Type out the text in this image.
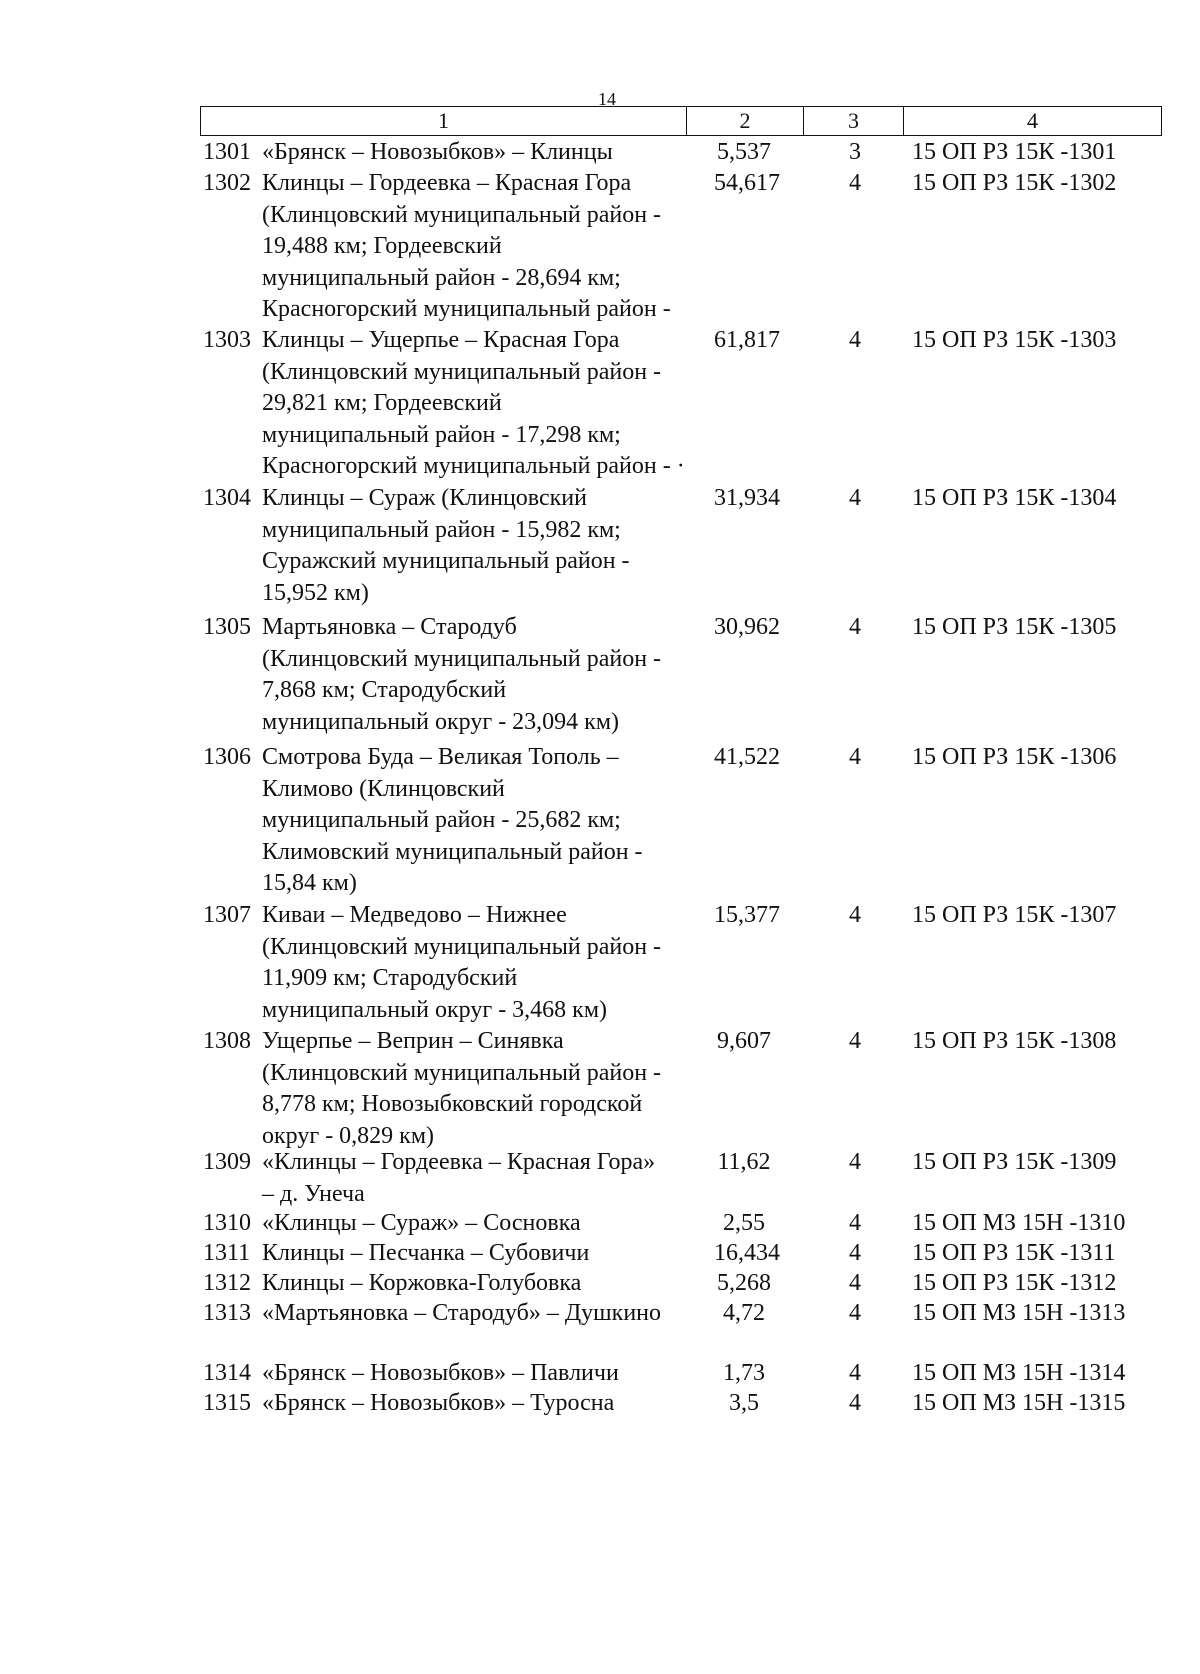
14
1	2	3	4
1301 «Брянск – Новозыбков» – Клинцы	5,537	3	15 ОП РЗ 15К -1301
1302 Клинцы – Гордеевка – Красная Гора
(Клинцовский муниципальный район -
19,488 км; Гордеевский
муниципальный район - 28,694 км;
Красногорский муниципальный район -
54,617	4	15 ОП РЗ 15К -1302
1303 Клинцы – Ущерпье – Красная Гора
(Клинцовский муниципальный район -
29,821 км; Гордеевский
муниципальный район - 17,298 км;
Красногорский муниципальный район - ·
61,817	4	15 ОП РЗ 15К -1303
1304 Клинцы – Сураж (Клинцовский
муниципальный район - 15,982 км;
Суражский муниципальный район -
15,952 км)
31,934	4	15 ОП РЗ 15К -1304
1305 Мартьяновка – Стародуб
(Клинцовский муниципальный район -
7,868 км; Стародубский
муниципальный округ - 23,094 км)
30,962	4	15 ОП РЗ 15К -1305
1306 Смотрова Буда – Великая Тополь –
Климово (Клинцовский
муниципальный район - 25,682 км;
Климовский муниципальный район -
15,84 км)
41,522	4	15 ОП РЗ 15К -1306
1307 Киваи – Медведово – Нижнее
(Клинцовский муниципальный район -
11,909 км; Стародубский
муниципальный округ - 3,468 км)
15,377	4	15 ОП РЗ 15К -1307
1308 Ущерпье – Веприн – Синявка
(Клинцовский муниципальный район -
8,778 км; Новозыбковский городской
округ - 0,829 км)
9,607	4	15 ОП РЗ 15К -1308
1309 «Клинцы – Гордеевка – Красная Гора»
– д. Унеча
11,62	4	15 ОП РЗ 15К -1309
1310 «Клинцы – Сураж» – Сосновка	2,55	4	15 ОП МЗ 15Н -1310
1311 Клинцы – Песчанка – Субовичи	16,434	4	15 ОП РЗ 15К -1311
1312 Клинцы – Коржовка-Голубовка	5,268	4	15 ОП РЗ 15К -1312
1313 «Мартьяновка – Стародуб» – Душкино	4,72	4	15 ОП МЗ 15Н -1313
1314 «Брянск – Новозыбков» – Павличи	1,73	4	15 ОП МЗ 15Н -1314
1315 «Брянск – Новозыбков» – Туросна	3,5	4	15 ОП МЗ 15Н -1315
